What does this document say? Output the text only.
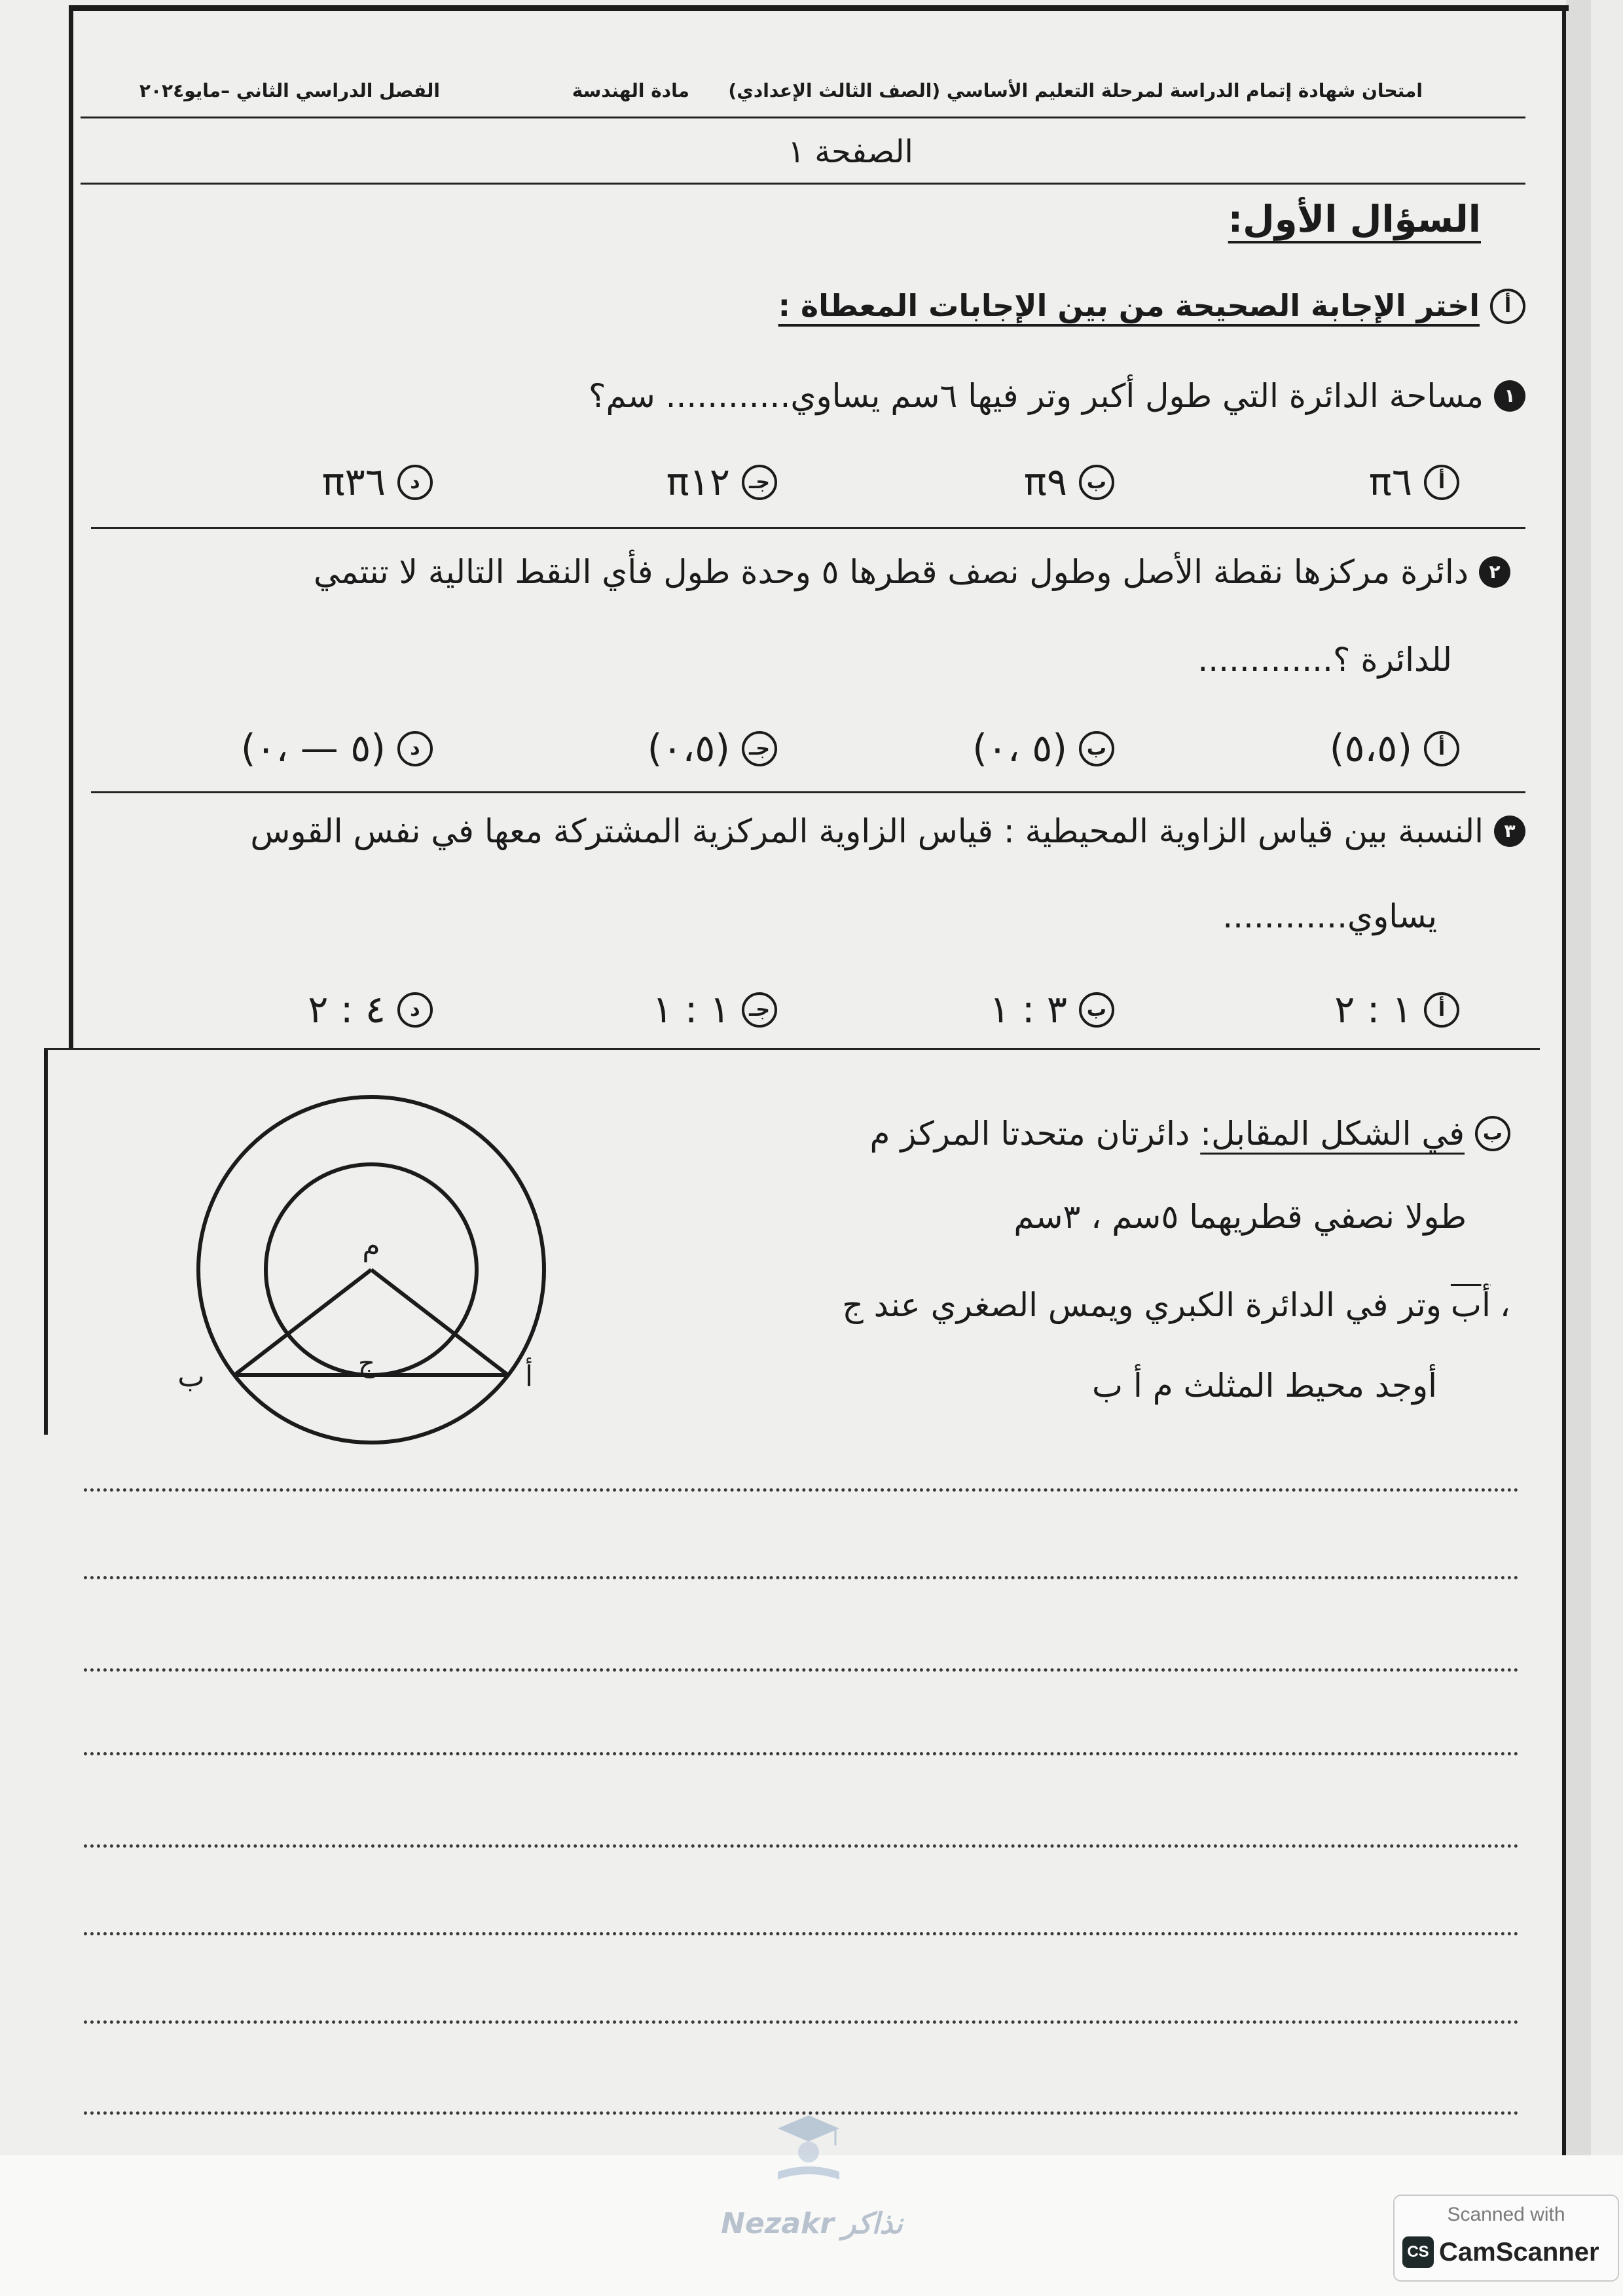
امتحان شهادة إتمام الدراسة لمرحلة التعليم الأساسي (الصف الثالث الإعدادي)
مادة الهندسة
الفصل الدراسي الثاني –مايو٢٠٢٤
الصفحة ١
السؤال الأول:
أ
اختر الإجابة الصحيحة من بين الإجابات المعطاة :
١
مساحة الدائرة التي طول أكبر وتر فيها ٦سم يساوي............ سم؟
أ
π٦
ب
π٩
جـ
π١٢
د
π٣٦
٢
دائرة مركزها نقطة الأصل وطول نصف قطرها ٥ وحدة طول فأي النقط التالية لا تنتمي
للدائرة ؟.............
أ
(٥،٥)
ب
(٥ ،٠)
جـ
(٠،٥)
د
(٥ — ،٠)
٣
النسبة بين قياس الزاوية المحيطية : قياس الزاوية المركزية المشتركة معها في نفس القوس
يساوي............
أ
١ : ٢
ب
٣ : ١
جـ
١ : ١
د
٤ : ٢
ب
في الشكل المقابل:
دائرتان متحدتا المركز م
طولا نصفي قطريهما ٥سم ، ٣سم
،
أب
وتر في الدائرة الكبري ويمس الصغري عند ج
أوجد محيط المثلث م أ ب
م
أ
ب	ج
Nezakr نذاكر	Scanned with
CS CamScanner
